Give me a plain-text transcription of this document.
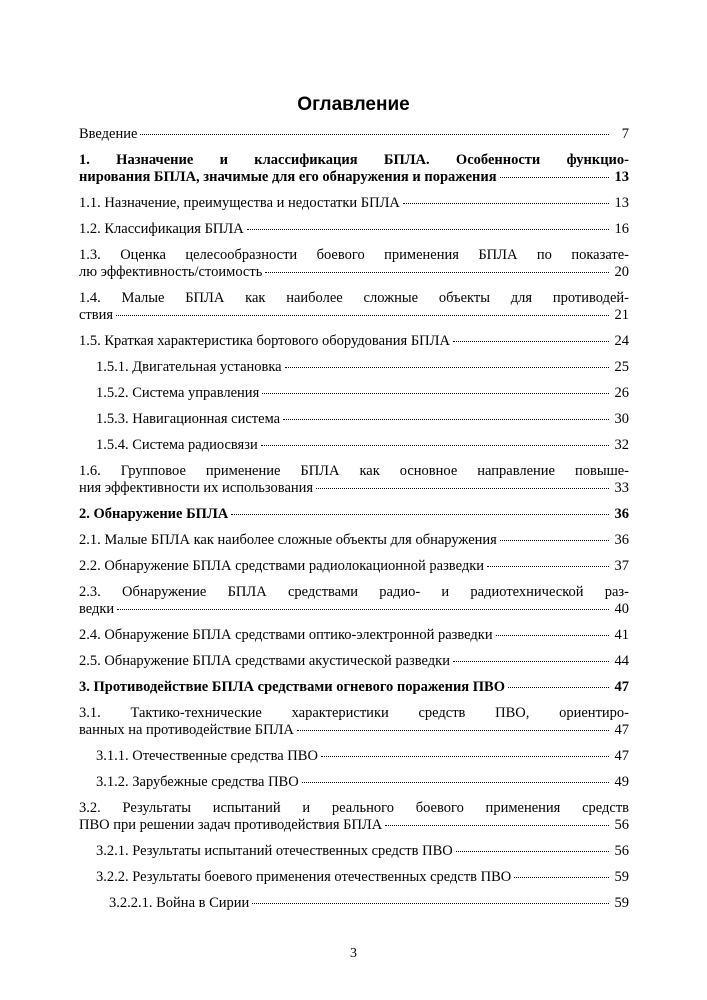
Оглавление
Введение	7
1. Назначение и классификация БПЛА. Особенности функцио-
нирования БПЛА, значимые для его обнаружения и поражения	13
1.1. Назначение, преимущества и недостатки БПЛА	13
1.2. Классификация БПЛА	16
1.3. Оценка целесообразности боевого применения БПЛА по показате-
лю эффективность/стоимость	20
1.4. Малые БПЛА как наиболее сложные объекты для противодей-
ствия	21
1.5. Краткая характеристика бортового оборудования БПЛА	24
1.5.1. Двигательная установка	25
1.5.2. Система управления	26
1.5.3. Навигационная система	30
1.5.4. Система радиосвязи	32
1.6. Групповое применение БПЛА как основное направление повыше-
ния эффективности их использования	33
2. Обнаружение БПЛА	36
2.1. Малые БПЛА как наиболее сложные объекты для обнаружения	36
2.2. Обнаружение БПЛА средствами радиолокационной разведки	37
2.3. Обнаружение БПЛА средствами радио- и радиотехнической раз-
ведки	40
2.4. Обнаружение БПЛА средствами оптико-электронной разведки	41
2.5. Обнаружение БПЛА средствами акустической разведки	44
3. Противодействие БПЛА средствами огневого поражения ПВО	47
3.1. Тактико-технические характеристики средств ПВО, ориентиро-
ванных на противодействие БПЛА	47
3.1.1. Отечественные средства ПВО	47
3.1.2. Зарубежные средства ПВО	49
3.2. Результаты испытаний и реального боевого применения средств
ПВО при решении задач противодействия БПЛА	56
3.2.1. Результаты испытаний отечественных средств ПВО	56
3.2.2. Результаты боевого применения отечественных средств ПВО	59
3.2.2.1. Война в Сирии	59
3
